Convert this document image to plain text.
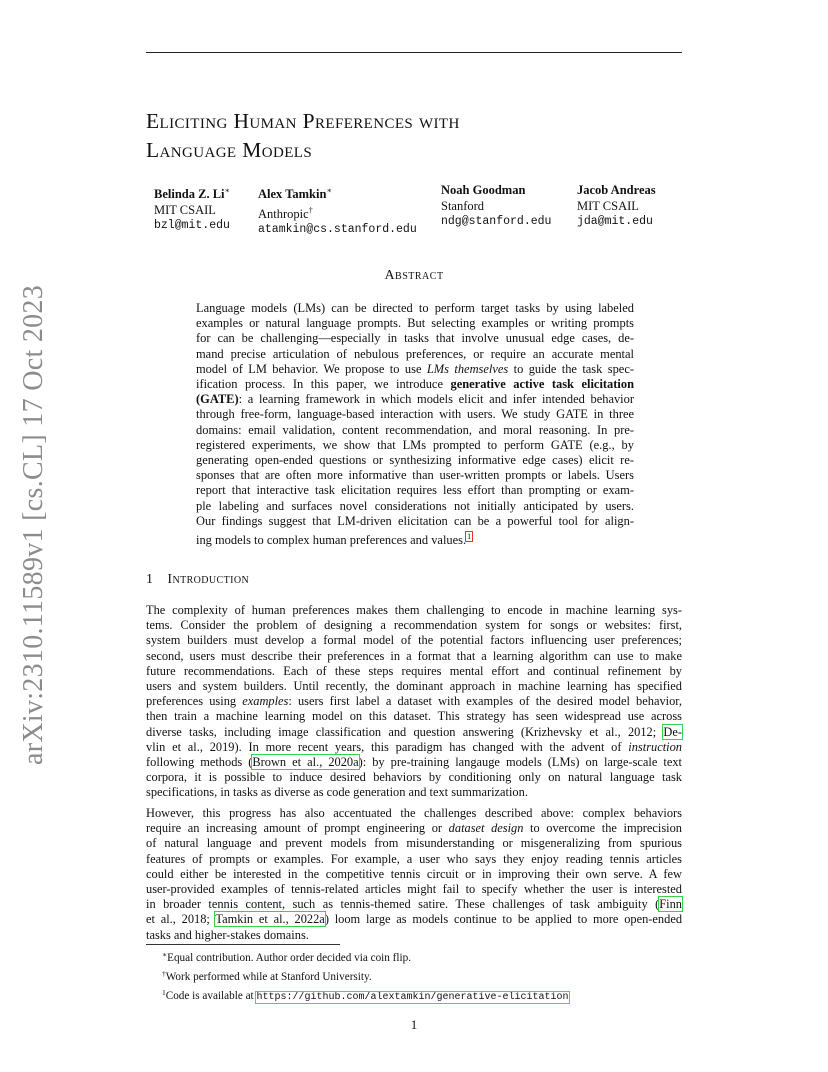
arXiv:2310.11589v1 [cs.CL] 17 Oct 2023
Eliciting Human Preferences with
Language Models
Belinda Z. Li∗
MIT CSAIL
bzl@mit.edu
Alex Tamkin∗
Anthropic†
atamkin@cs.stanford.edu
Noah Goodman
Stanford
ndg@stanford.edu
Jacob Andreas
MIT CSAIL
jda@mit.edu
Abstract
Language models (LMs) can be directed to perform target tasks by using labeled
examples or natural language prompts. But selecting examples or writing prompts
for can be challenging—especially in tasks that involve unusual edge cases, de-
mand precise articulation of nebulous preferences, or require an accurate mental
model of LM behavior. We propose to use LMs themselves to guide the task spec-
ification process. In this paper, we introduce generative active task elicitation
(GATE): a learning framework in which models elicit and infer intended behavior
through free-form, language-based interaction with users. We study GATE in three
domains: email validation, content recommendation, and moral reasoning. In pre-
registered experiments, we show that LMs prompted to perform GATE (e.g., by
generating open-ended questions or synthesizing informative edge cases) elicit re-
sponses that are often more informative than user-written prompts or labels. Users
report that interactive task elicitation requires less effort than prompting or exam-
ple labeling and surfaces novel considerations not initially anticipated by users.
Our findings suggest that LM-driven elicitation can be a powerful tool for align-
ing models to complex human preferences and values.$^1$
1 Introduction
The complexity of human preferences makes them challenging to encode in machine learning sys-
tems. Consider the problem of designing a recommendation system for songs or websites: first,
system builders must develop a formal model of the potential factors influencing user preferences;
second, users must describe their preferences in a format that a learning algorithm can use to make
future recommendations. Each of these steps requires mental effort and continual refinement by
users and system builders. Until recently, the dominant approach in machine learning has specified
preferences using examples: users first label a dataset with examples of the desired model behavior,
then train a machine learning model on this dataset. This strategy has seen widespread use across
diverse tasks, including image classification and question answering (Krizhevsky et al., 2012; De-
vlin et al., 2019). In more recent years, this paradigm has changed with the advent of instruction
following methods (Brown et al., 2020a): by pre-training langauge models (LMs) on large-scale text
corpora, it is possible to induce desired behaviors by conditioning only on natural language task
specifications, in tasks as diverse as code generation and text summarization.
However, this progress has also accentuated the challenges described above: complex behaviors
require an increasing amount of prompt engineering or dataset design to overcome the imprecision
of natural language and prevent models from misunderstanding or misgeneralizing from spurious
features of prompts or examples. For example, a user who says they enjoy reading tennis articles
could either be interested in the competitive tennis circuit or in improving their own serve. A few
user-provided examples of tennis-related articles might fail to specify whether the user is interested
in broader tennis content, such as tennis-themed satire. These challenges of task ambiguity (Finn
et al., 2018; Tamkin et al., 2022a) loom large as models continue to be applied to more open-ended
tasks and higher-stakes domains.
∗Equal contribution. Author order decided via coin flip.
†Work performed while at Stanford University.
$^1$Code is available at https://github.com/alextamkin/generative-elicitation
1
